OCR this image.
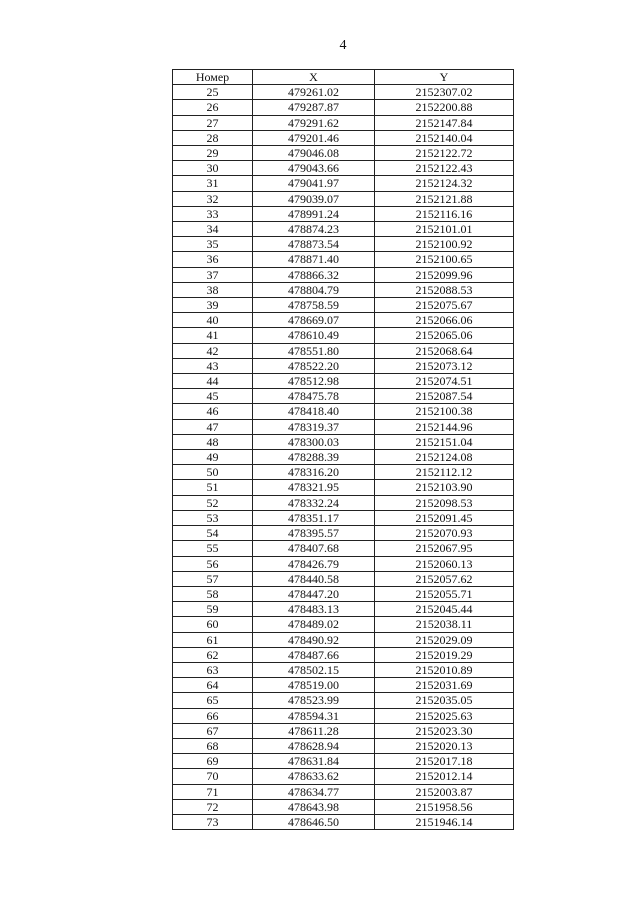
4
Номер	X	Y
25	479261.02	2152307.02
26	479287.87	2152200.88
27	479291.62	2152147.84
28	479201.46	2152140.04
29	479046.08	2152122.72
30	479043.66	2152122.43
31	479041.97	2152124.32
32	479039.07	2152121.88
33	478991.24	2152116.16
34	478874.23	2152101.01
35	478873.54	2152100.92
36	478871.40	2152100.65
37	478866.32	2152099.96
38	478804.79	2152088.53
39	478758.59	2152075.67
40	478669.07	2152066.06
41	478610.49	2152065.06
42	478551.80	2152068.64
43	478522.20	2152073.12
44	478512.98	2152074.51
45	478475.78	2152087.54
46	478418.40	2152100.38
47	478319.37	2152144.96
48	478300.03	2152151.04
49	478288.39	2152124.08
50	478316.20	2152112.12
51	478321.95	2152103.90
52	478332.24	2152098.53
53	478351.17	2152091.45
54	478395.57	2152070.93
55	478407.68	2152067.95
56	478426.79	2152060.13
57	478440.58	2152057.62
58	478447.20	2152055.71
59	478483.13	2152045.44
60	478489.02	2152038.11
61	478490.92	2152029.09
62	478487.66	2152019.29
63	478502.15	2152010.89
64	478519.00	2152031.69
65	478523.99	2152035.05
66	478594.31	2152025.63
67	478611.28	2152023.30
68	478628.94	2152020.13
69	478631.84	2152017.18
70	478633.62	2152012.14
71	478634.77	2152003.87
72	478643.98	2151958.56
73	478646.50	2151946.14
